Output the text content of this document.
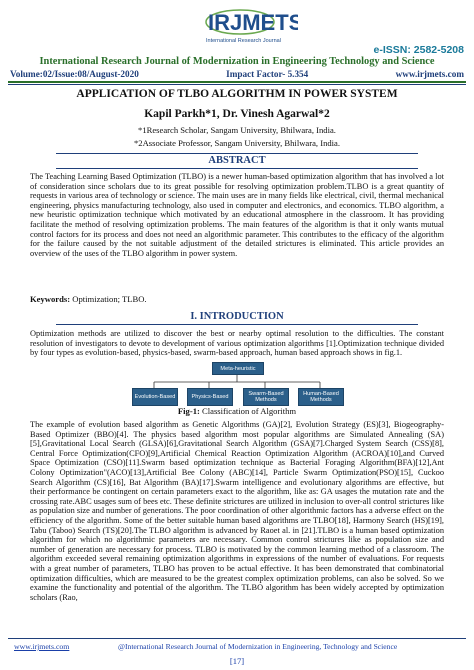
IRJMETS
International Research Journal
e-ISSN: 2582-5208
International Research Journal of Modernization in Engineering Technology and Science
Volume:02/Issue:08/August-2020	Impact Factor- 5.354	www.irjmets.com
APPLICATION OF TLBO ALGORITHM IN POWER SYSTEM
Kapil Parkh*1, Dr. Vinesh Agarwal*2
*1Research Scholar, Sangam University, Bhilwara, India.
*2Associate Professor, Sangam University, Bhilwara, India.
ABSTRACT
The Teaching Learning Based Optimization (TLBO) is a newer human-based optimization algorithm that has involved a lot of consideration since scholars due to its great possible for resolving optimization problem.TLBO is a great quantity of requests in various area of technology or science. The main uses are in many fields like electrical, civil, thermal mechanical engineering, physics manufacturing technology, also used in computer and electronics, and economics. TLBO algorithm, a new heuristic optimization technique which motivated by an educational atmosphere in the classroom. It has providing facilitate the method of resolving optimization problems. The main features of the algorithm is that it only wants mutual control factors for its process and does not need an algorithmic parameter. This contributes to the efficacy of the algorithm for the failure caused by the not suitable adjustment of the detailed strictures is eliminated. This article provides an overview of the uses of the TLBO algorithm in power system.
Keywords: Optimization; TLBO.
I. INTRODUCTION
Optimization methods are utilized to discover the best or nearby optimal resolution to the difficulties. The constant resolution of investigators to devote to development of various optimization algorithms [1].Optimization technique divided by four types as evolution-based, physics-based, swarm-based approach, human based approach shows in fig.1.
Meta-heuristic
Evolution-Based	Physics-Based	Swarm-Based Methods
Human-Based Methods
Fig-1: Classification of Algorithm
The example of evolution based algorithm as Genetic Algorithms (GA)[2], Evolution Strategy (ES)[3], Biogeography-Based Optimizer (BBO)[4]. The physics based algorithm most popular algorithms are Simulated Annealing (SA)[5],Gravitational Local Search (GLSA)[6],Gravitational Search Algorithm (GSA)[7].Charged System Search (CSS)[8], Central Force Optimization(CFO)[9],Artificial Chemical Reaction Optimization Algorithm (ACROA)[10],and Curved Space Optimization (CSO)[11].Swarm based optimization technique as Bacterial Foraging Algorithm(BFA)[12],Ant Colony Optimization"(ACO)[13],Artificial Bee Colony (ABC)[14], Particle Swarm Optimization(PSO)[15], Cuckoo Search Algorithm (CS)[16], Bat Algorithm (BA)[17].Swarm intelligence and evolutionary algorithms are effective, but their performance be contingent on certain parameters exact to the algorithm, like as: GA usages the mutation rate and the crossing rate.ABC usages sum of bees etc. These definite strictures are utilized in inclusion to over-all control strictures like as population size and number of generations. The poor coordination of other algorithmic factors has a adverse effect on the efficiency of the algorithm. Some of the better suitable human based algorithms are TLBO[18], Harmony Search (HS)[19], Tabu (Taboo) Search (TS)[20].The TLBO algorithm is advanced by Raoet al. in [21].TLBO is a human based optimization algorithm for which no algorithmic parameters are necessary. Common control strictures like as population size and number of generation are necessary for process. TLBO is motivated by the common learning method of a classroom. The algorithm exceeded several remaining optimization algorithms in expressions of the number of evaluations. For requests with a great number of parameters, TLBO has proven to be actual effective. It has been demonstrated that combinatorial optimization difficulties, which are measured to be the greatest complex optimization problems, can also be solved. So we examine the functionality and potential of the algorithm. The TLBO algorithm has been widely accepted by optimization scholars (Rao,
www.irjmets.com	@International Research Journal of Modernization in Engineering, Technology and Science
[17]
